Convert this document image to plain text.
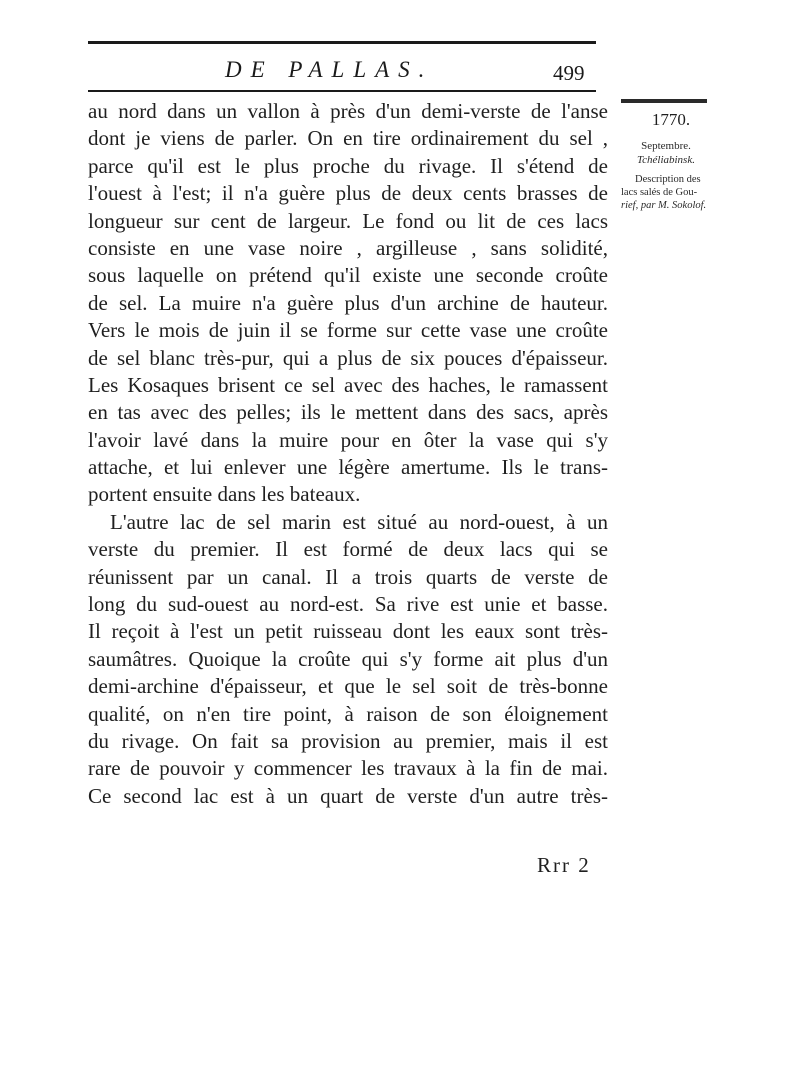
DE PALLAS.	499
1770.
Septembre.
Tchéliabinsk.
Description des
lacs salés de Gou-
rief, par M. Sokolof.
au nord dans un vallon à près d'un demi-verste de l'anse
dont je viens de parler. On en tire ordinairement du sel ,
parce qu'il est le plus proche du rivage. Il s'étend de
l'ouest à l'est; il n'a guère plus de deux cents brasses de
longueur sur cent de largeur. Le fond ou lit de ces lacs
consiste en une vase noire , argilleuse , sans solidité,
sous laquelle on prétend qu'il existe une seconde croûte
de sel. La muire n'a guère plus d'un archine de hauteur.
Vers le mois de juin il se forme sur cette vase une croûte
de sel blanc très-pur, qui a plus de six pouces d'épaisseur.
Les Kosaques brisent ce sel avec des haches, le ramassent
en tas avec des pelles; ils le mettent dans des sacs, après
l'avoir lavé dans la muire pour en ôter la vase qui s'y
attache, et lui enlever une légère amertume. Ils le trans-
portent ensuite dans les bateaux.
L'autre lac de sel marin est situé au nord-ouest, à un
verste du premier. Il est formé de deux lacs qui se
réunissent par un canal. Il a trois quarts de verste de
long du sud-ouest au nord-est. Sa rive est unie et basse.
Il reçoit à l'est un petit ruisseau dont les eaux sont très-
saumâtres. Quoique la croûte qui s'y forme ait plus d'un
demi-archine d'épaisseur, et que le sel soit de très-bonne
qualité, on n'en tire point, à raison de son éloignement
du rivage. On fait sa provision au premier, mais il est
rare de pouvoir y commencer les travaux à la fin de mai.
Ce second lac est à un quart de verste d'un autre très-
Rrr 2
